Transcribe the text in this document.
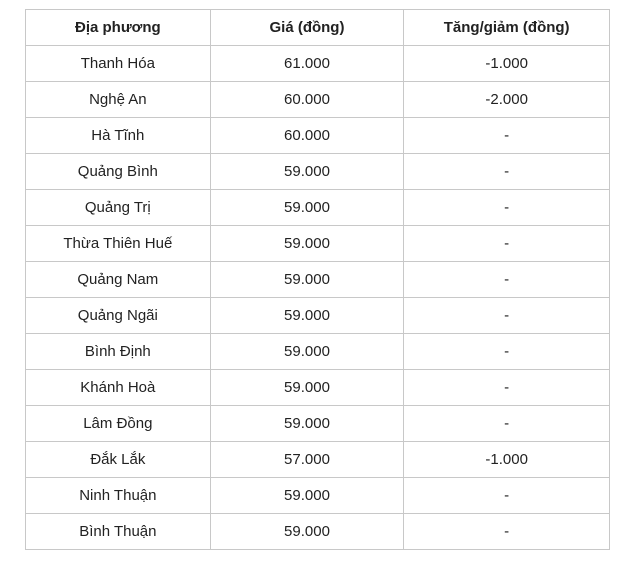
Địa phương	Giá (đồng)	Tăng/giảm (đồng)
Thanh Hóa	61.000	-1.000
Nghệ An	60.000	-2.000
Hà Tĩnh	60.000	-
Quảng Bình	59.000	-
Quảng Trị	59.000	-
Thừa Thiên Huế	59.000	-
Quảng Nam	59.000	-
Quảng Ngãi	59.000	-
Bình Định	59.000	-
Khánh Hoà	59.000	-
Lâm Đồng	59.000	-
Đắk Lắk	57.000	-1.000
Ninh Thuận	59.000	-
Bình Thuận	59.000	-
